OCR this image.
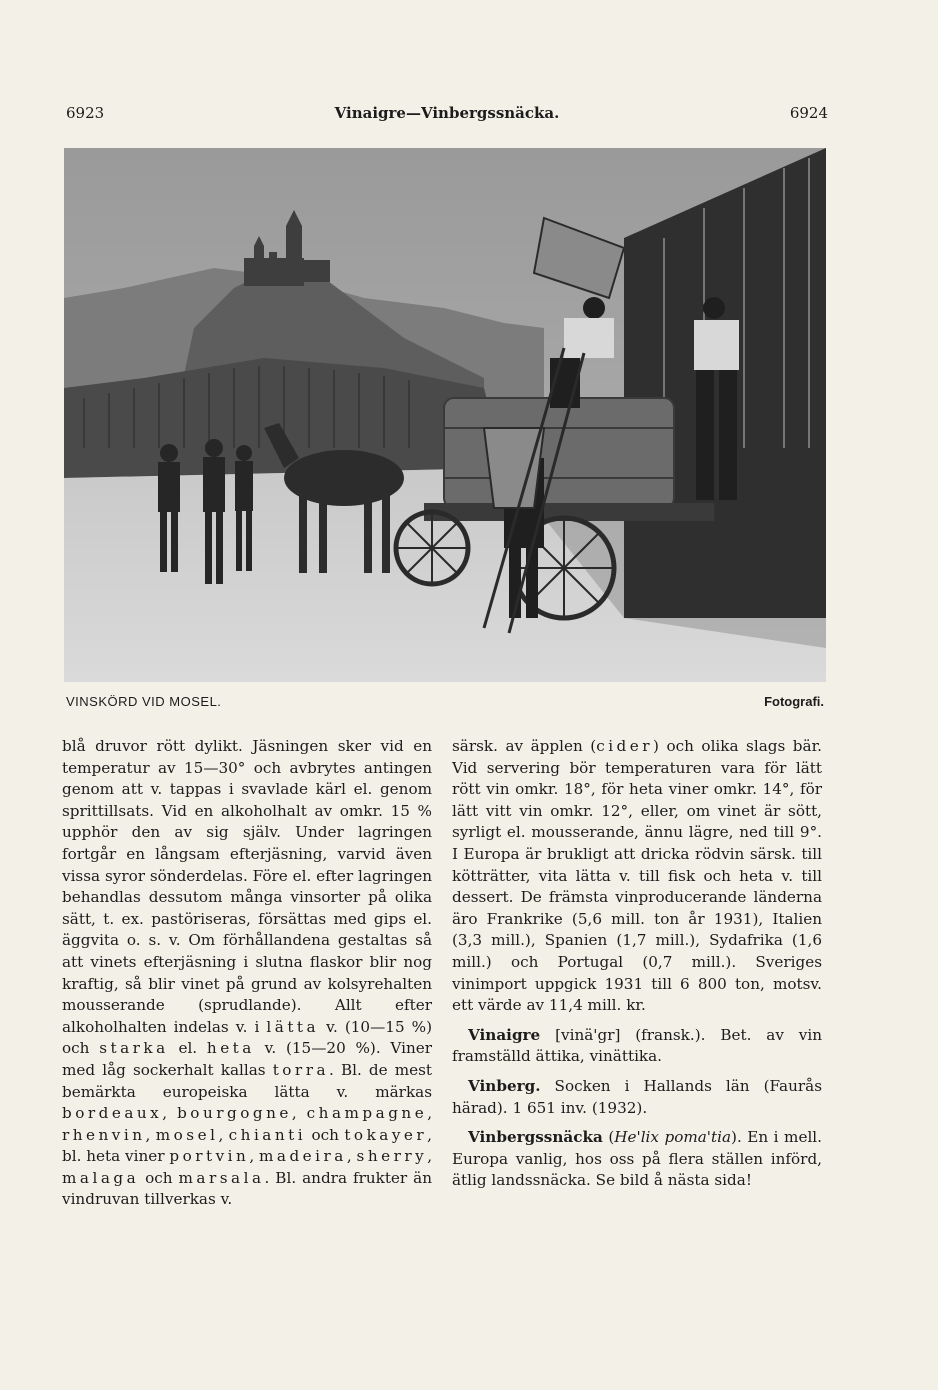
6923	Vinaigre—Vinbergssnäcka.	6924
VINSKÖRD VID MOSEL.	Fotografi.

blå druvor rött dylikt. Jäsningen sker vid en temperatur av 15—30° och avbrytes antingen genom att v. tappas i svavlade kärl el. genom sprittillsats. Vid en alkoholhalt av omkr. 15 % upphör den av sig själv. Under lagringen fortgår en långsam efterjäsning, varvid även vissa syror sönderdelas. Före el. efter lagringen behandlas dessutom många vinsorter på olika sätt, t. ex. pastöriseras, försättas med gips el. äggvita o. s. v. Om förhållandena gestaltas så att vinets efterjäsning i slutna flaskor blir nog kraftig, så blir vinet på grund av kolsyrehalten mousserande (sprudlande). Allt efter alkoholhalten indelas v. i lätta v. (10—15 %) och starka el. heta v. (15—20 %). Viner med låg sockerhalt kallas torra. Bl. de mest bemärkta europeiska lätta v. märkas bordeaux, bourgogne, champagne, rhenvin, mosel, chianti och tokayer, bl. heta viner portvin, madeira, sherry, malaga och marsala. Bl. andra frukter än vindruvan tillverkas v.

särsk. av äpplen (cider) och olika slags bär. Vid servering bör temperaturen vara för lätt rött vin omkr. 18°, för heta viner omkr. 14°, för lätt vitt vin omkr. 12°, eller, om vinet är sött, syrligt el. mousserande, ännu lägre, ned till 9°. I Europa är brukligt att dricka rödvin särsk. till kötträtter, vita lätta v. till fisk och heta v. till dessert. De främsta vinproducerande länderna äro Frankrike (5,6 mill. ton år 1931), Italien (3,3 mill.), Spanien (1,7 mill.), Sydafrika (1,6 mill.) och Portugal (0,7 mill.). Sveriges vinimport uppgick 1931 till 6 800 ton, motsv. ett värde av 11,4 mill. kr.

Vinaigre [vinä'gr] (fransk.). Bet. av vin framställd ättika, vinättika.

Vinberg. Socken i Hallands län (Faurås härad). 1 651 inv. (1932).

Vinbergssnäcka (He'lix poma'tia). En i mell. Europa vanlig, hos oss på flera ställen införd, ätlig landssnäcka. Se bild å nästa sida!
